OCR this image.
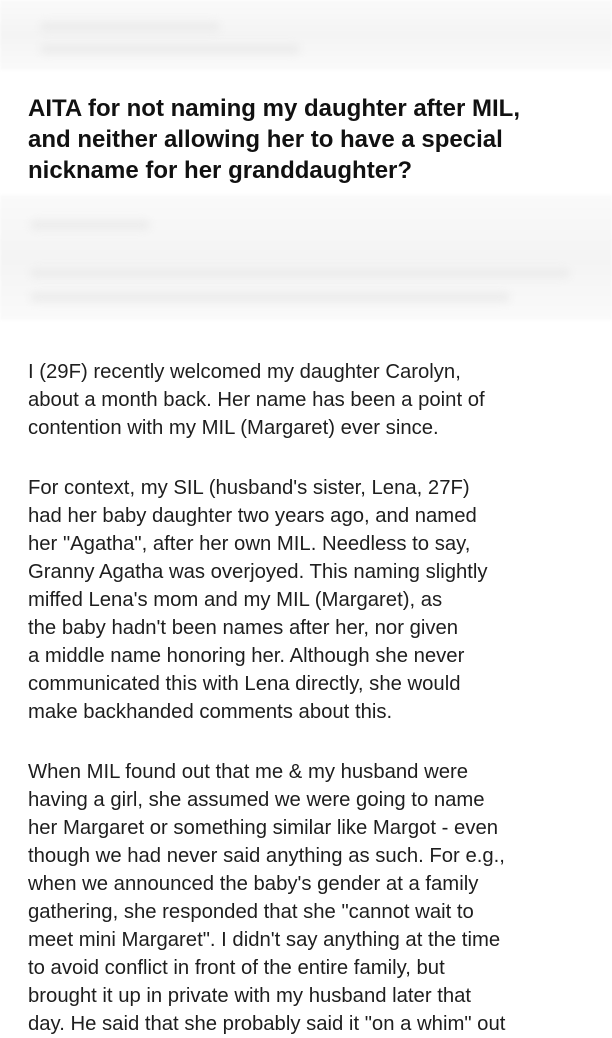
AITA for not naming my daughter after MIL,
and neither allowing her to have a special
nickname for her granddaughter?

I (29F) recently welcomed my daughter Carolyn,
about a month back. Her name has been a point of
contention with my MIL (Margaret) ever since.

For context, my SIL (husband's sister, Lena, 27F)
had her baby daughter two years ago, and named
her "Agatha", after her own MIL. Needless to say,
Granny Agatha was overjoyed. This naming slightly
miffed Lena's mom and my MIL (Margaret), as
the baby hadn't been names after her, nor given
a middle name honoring her. Although she never
communicated this with Lena directly, she would
make backhanded comments about this.

When MIL found out that me & my husband were
having a girl, she assumed we were going to name
her Margaret or something similar like Margot - even
though we had never said anything as such. For e.g.,
when we announced the baby's gender at a family
gathering, she responded that she "cannot wait to
meet mini Margaret". I didn't say anything at the time
to avoid conflict in front of the entire family, but
brought it up in private with my husband later that
day. He said that she probably said it "on a whim" out
